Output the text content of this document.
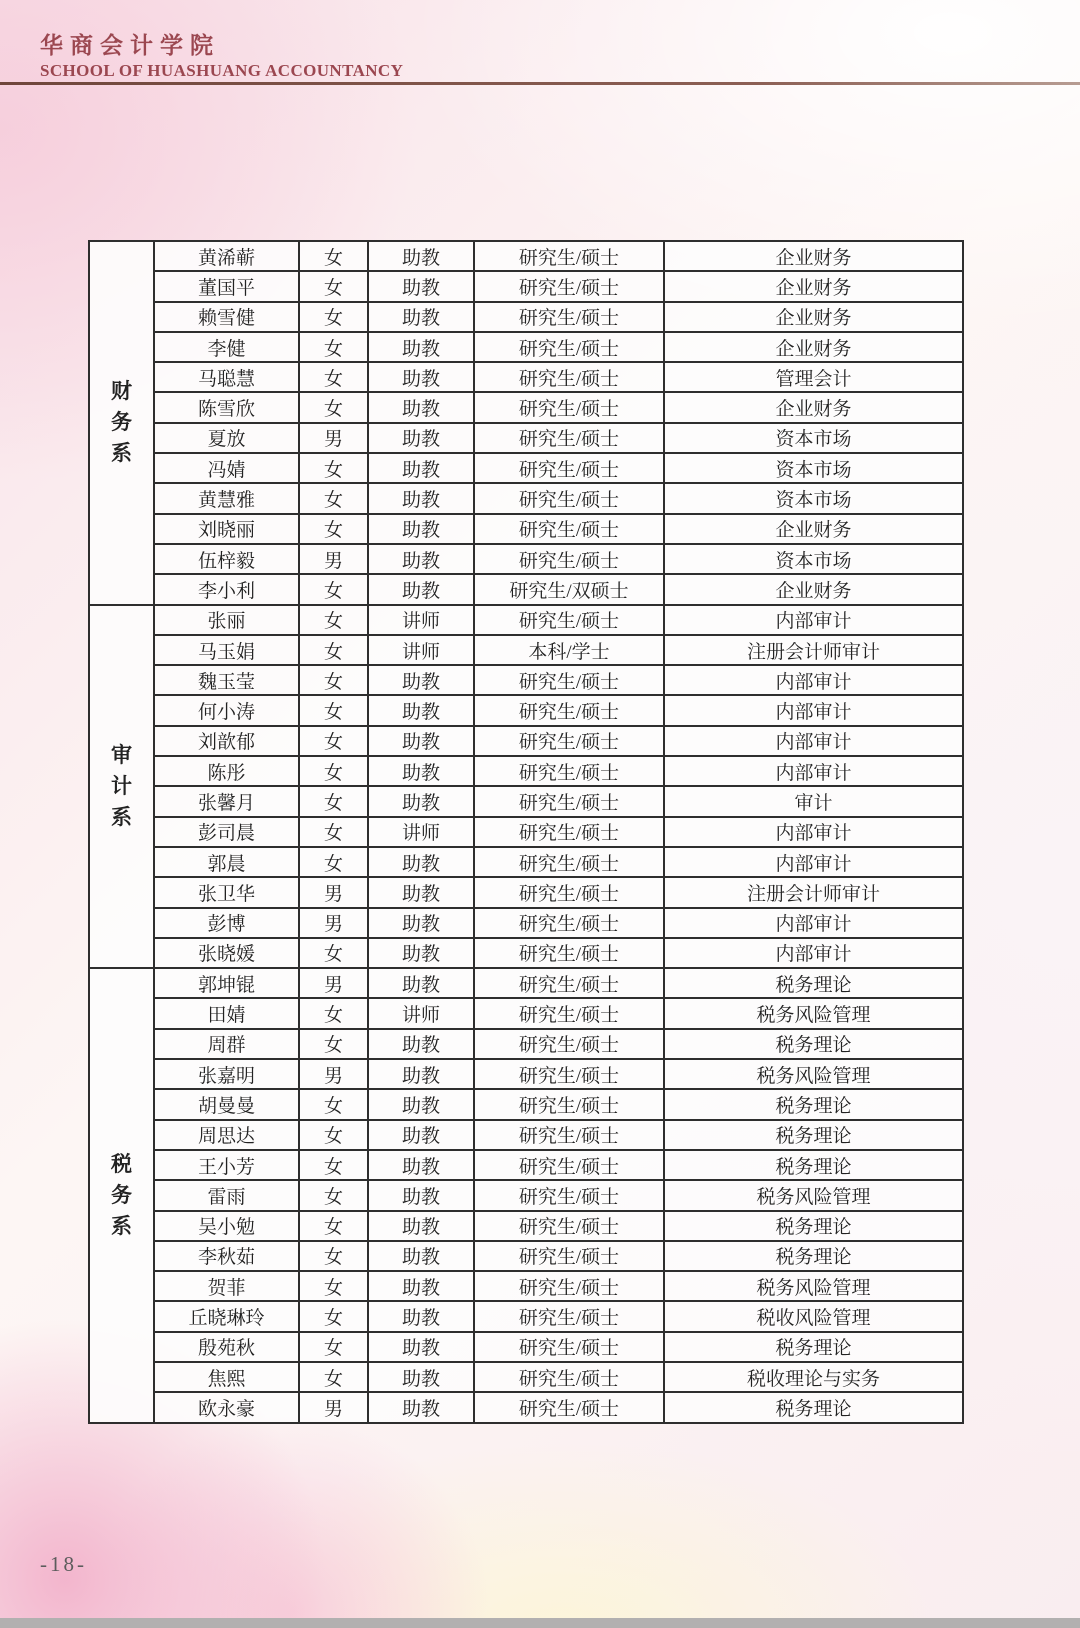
华商会计学院
SCHOOL OF HUASHUANG ACCOUNTANCY
财
务
系	黄浠蕲	女	助教	研究生/硕士	企业财务
	董国平	女	助教	研究生/硕士	企业财务
	赖雪健	女	助教	研究生/硕士	企业财务
	李健	女	助教	研究生/硕士	企业财务
	马聪慧	女	助教	研究生/硕士	管理会计
	陈雪欣	女	助教	研究生/硕士	企业财务
	夏放	男	助教	研究生/硕士	资本市场
	冯婧	女	助教	研究生/硕士	资本市场
	黄慧雅	女	助教	研究生/硕士	资本市场
	刘晓丽	女	助教	研究生/硕士	企业财务
	伍梓毅	男	助教	研究生/硕士	资本市场
	李小利	女	助教	研究生/双硕士	企业财务

审
计
系	张丽	女	讲师	研究生/硕士	内部审计
	马玉娟	女	讲师	本科/学士	注册会计师审计
	魏玉莹	女	助教	研究生/硕士	内部审计
	何小涛	女	助教	研究生/硕士	内部审计
	刘歆郁	女	助教	研究生/硕士	内部审计
	陈彤	女	助教	研究生/硕士	内部审计
	张馨月	女	助教	研究生/硕士	审计
	彭司晨	女	讲师	研究生/硕士	内部审计
	郭晨	女	助教	研究生/硕士	内部审计
	张卫华	男	助教	研究生/硕士	注册会计师审计
	彭博	男	助教	研究生/硕士	内部审计
	张晓媛	女	助教	研究生/硕士	内部审计

税
务
系	郭坤锟	男	助教	研究生/硕士	税务理论
	田婧	女	讲师	研究生/硕士	税务风险管理
	周群	女	助教	研究生/硕士	税务理论
	张嘉明	男	助教	研究生/硕士	税务风险管理
	胡曼曼	女	助教	研究生/硕士	税务理论
	周思达	女	助教	研究生/硕士	税务理论
	王小芳	女	助教	研究生/硕士	税务理论
	雷雨	女	助教	研究生/硕士	税务风险管理
	吴小勉	女	助教	研究生/硕士	税务理论
	李秋茹	女	助教	研究生/硕士	税务理论
	贺菲	女	助教	研究生/硕士	税务风险管理
	丘晓琳玲	女	助教	研究生/硕士	税收风险管理
	殷苑秋	女	助教	研究生/硕士	税务理论
	焦熙	女	助教	研究生/硕士	税收理论与实务
	欧永豪	男	助教	研究生/硕士	税务理论
-18-
